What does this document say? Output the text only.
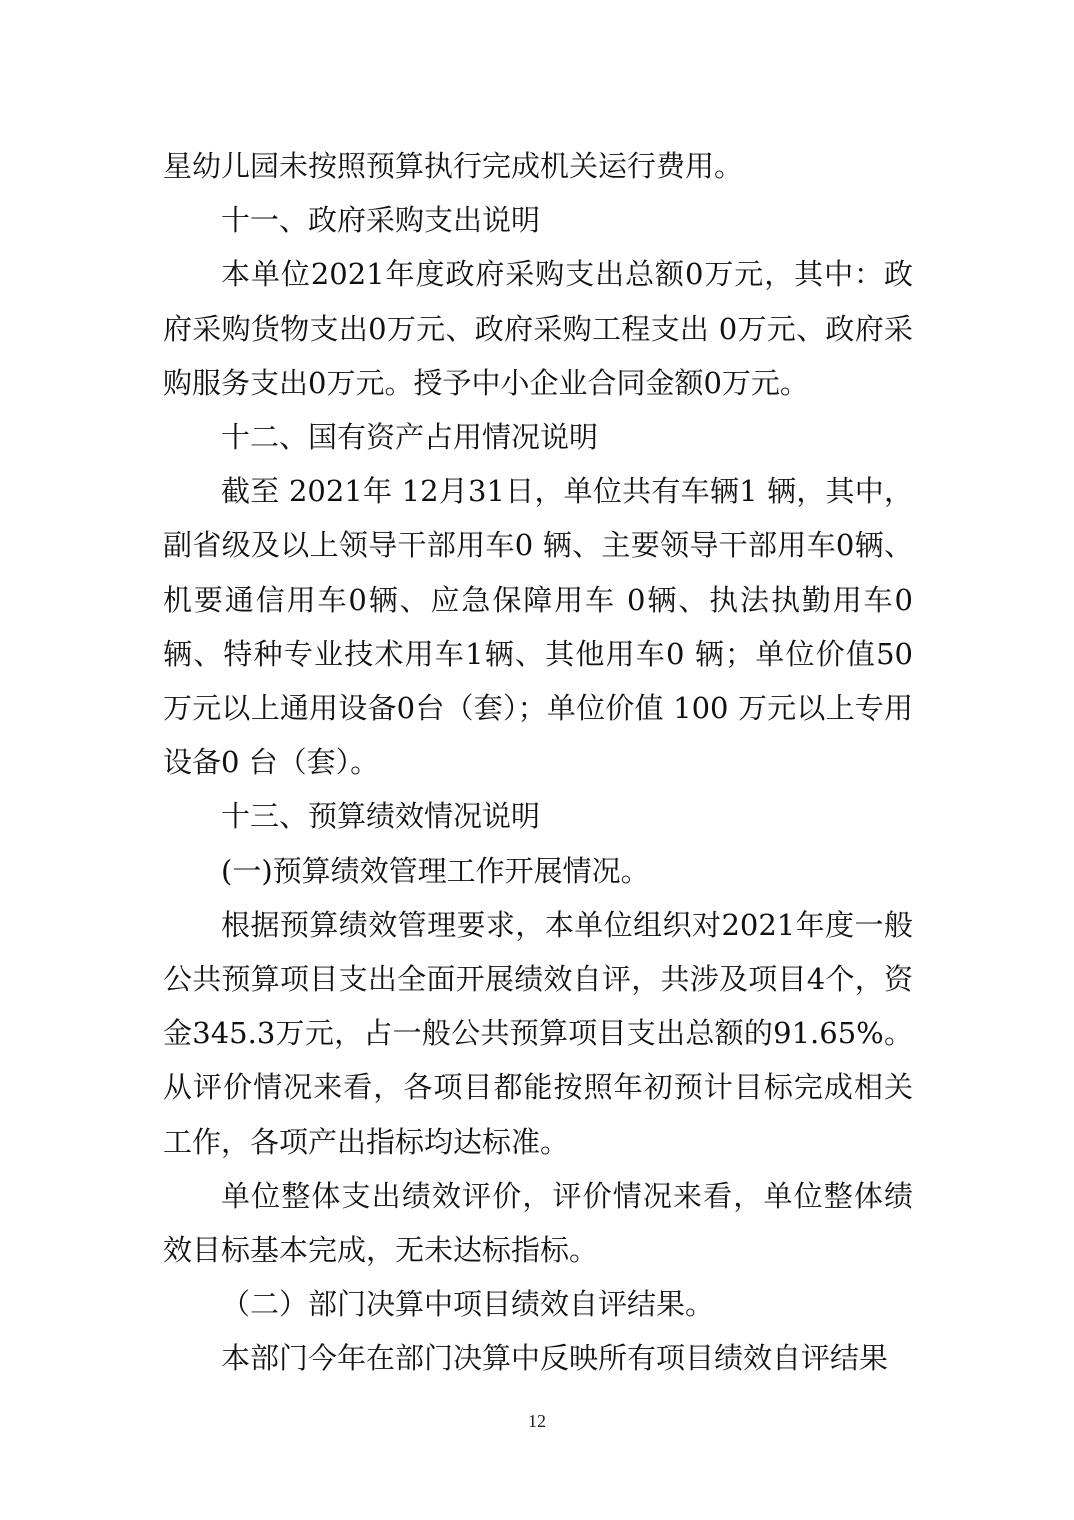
星幼儿园未按照预算执行完成机关运行费用。

十一、政府采购支出说明

本单位2021年度政府采购支出总额0万元，其中：政府采购货物支出0万元、政府采购工程支出 0万元、政府采购服务支出0万元。授予中小企业合同金额0万元。

十二、国有资产占用情况说明

截至 2021年 12月31日，单位共有车辆1 辆，其中，副省级及以上领导干部用车0 辆、主要领导干部用车0辆、机要通信用车0辆、应急保障用车 0辆、执法执勤用车0辆、特种专业技术用车1辆、其他用车0 辆；单位价值50 万元以上通用设备0台（套）；单位价值 100 万元以上专用设备0 台（套）。

十三、预算绩效情况说明

(一)预算绩效管理工作开展情况。

根据预算绩效管理要求，本单位组织对2021年度一般公共预算项目支出全面开展绩效自评，共涉及项目4个，资金345.3万元，占一般公共预算项目支出总额的91.65%。从评价情况来看，各项目都能按照年初预计目标完成相关工作，各项产出指标均达标准。

单位整体支出绩效评价，评价情况来看，单位整体绩效目标基本完成，无未达标指标。

（二）部门决算中项目绩效自评结果。

本部门今年在部门决算中反映所有项目绩效自评结果

12
